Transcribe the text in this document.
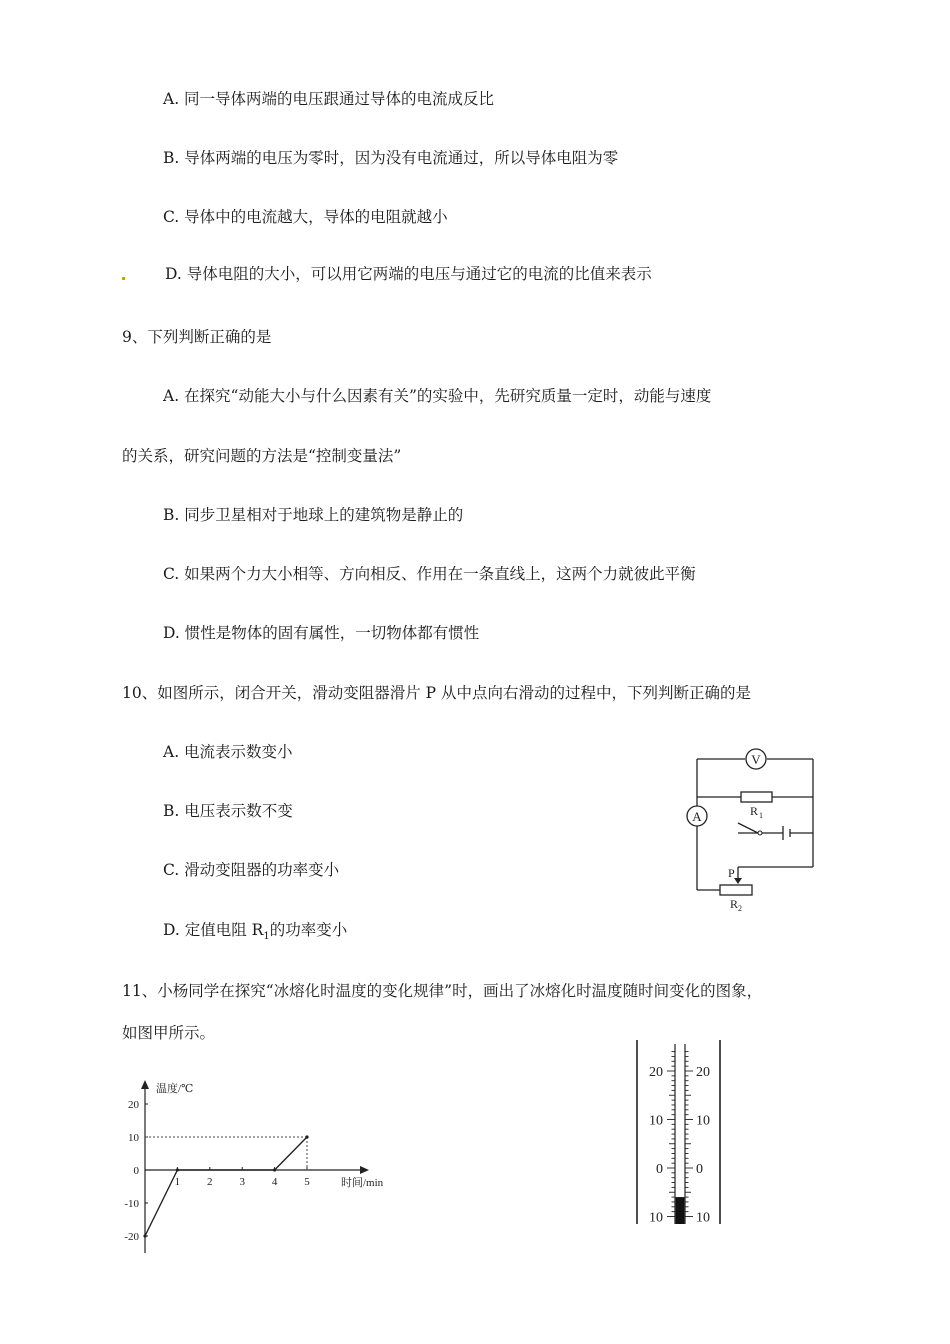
A. 同一导体两端的电压跟通过导体的电流成反比
B. 导体两端的电压为零时，因为没有电流通过，所以导体电阻为零
C. 导体中的电流越大，导体的电阻就越小
D. 导体电阻的大小，可以用它两端的电压与通过它的电流的比值来表示
9、下列判断正确的是
A. 在探究“动能大小与什么因素有关”的实验中，先研究质量一定时，动能与速度
的关系，研究问题的方法是“控制变量法”
B. 同步卫星相对于地球上的建筑物是静止的
C. 如果两个力大小相等、方向相反、作用在一条直线上，这两个力就彼此平衡
D. 惯性是物体的固有属性，一切物体都有惯性
10、如图所示，闭合开关，滑动变阻器滑片 P 从中点向右滑动的过程中，下列判断正确的是
A. 电流表示数变小
B. 电压表示数不变
C. 滑动变阻器的功率变小
D. 定值电阻 $R_1$的功率变小
V
R 1
A
P
R 2
11、小杨同学在探究“冰熔化时温度的变化规律”时，画出了冰熔化时温度随时间变化的图象，
如图甲所示。
温度/℃
时间/min
1 2 3 4 5
20
10
0
-10
-20
20 20
10 10
0 0
10 10
